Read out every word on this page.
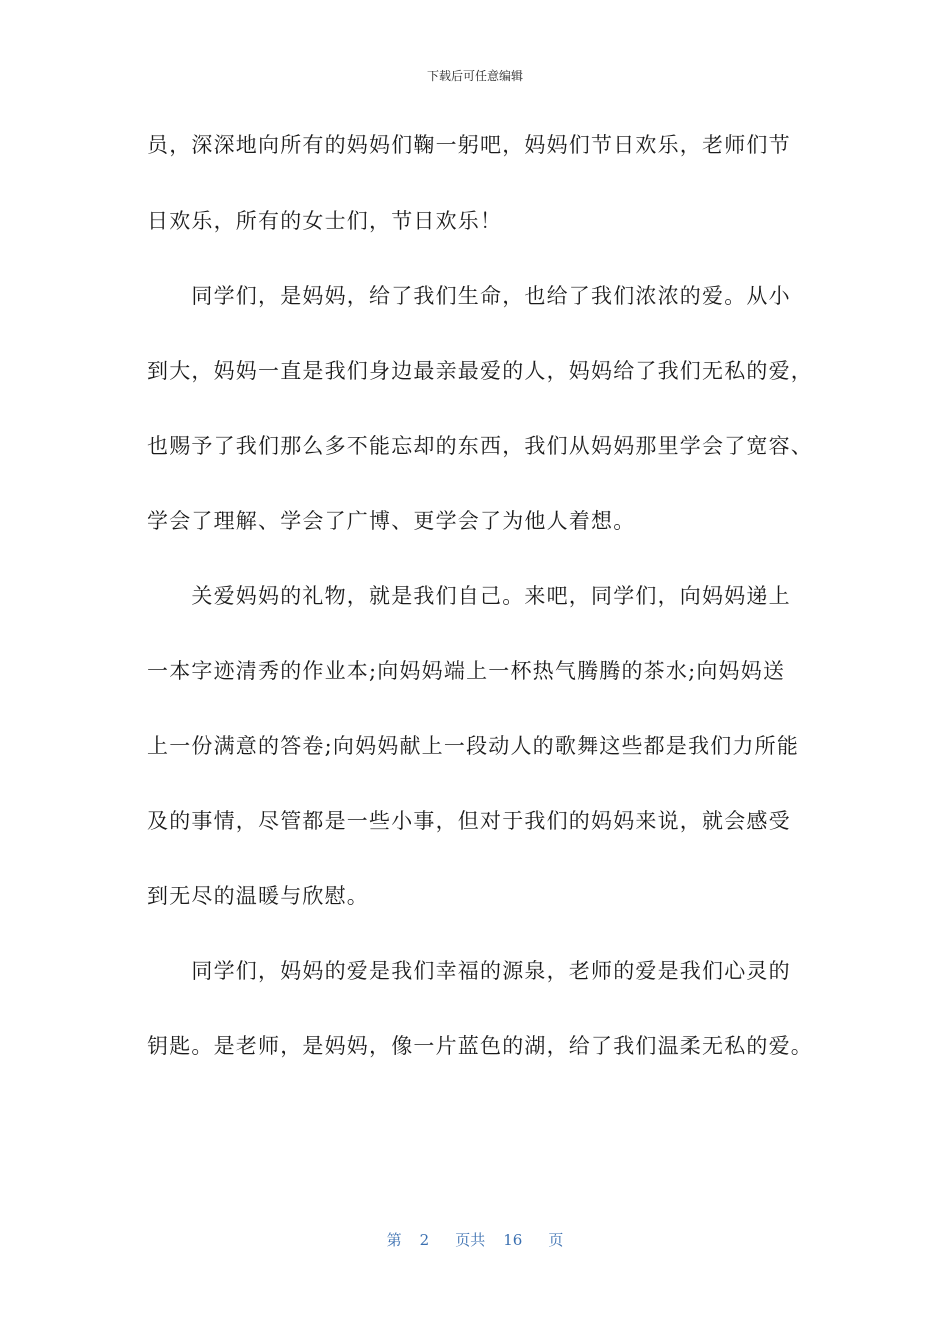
下载后可任意编辑
员，深深地向所有的妈妈们鞠一躬吧，妈妈们节日欢乐，老师们节
日欢乐，所有的女士们，节日欢乐！
　　同学们，是妈妈，给了我们生命，也给了我们浓浓的爱。从小
到大，妈妈一直是我们身边最亲最爱的人，妈妈给了我们无私的爱，
也赐予了我们那么多不能忘却的东西，我们从妈妈那里学会了宽容、
学会了理解、学会了广博、更学会了为他人着想。
　　关爱妈妈的礼物，就是我们自己。来吧，同学们，向妈妈递上
一本字迹清秀的作业本;向妈妈端上一杯热气腾腾的茶水;向妈妈送
上一份满意的答卷;向妈妈献上一段动人的歌舞这些都是我们力所能
及的事情，尽管都是一些小事，但对于我们的妈妈来说，就会感受
到无尽的温暖与欣慰。
　　同学们，妈妈的爱是我们幸福的源泉，老师的爱是我们心灵的
钥匙。是老师，是妈妈，像一片蓝色的湖，给了我们温柔无私的爱。
第 2 页共 16 页
